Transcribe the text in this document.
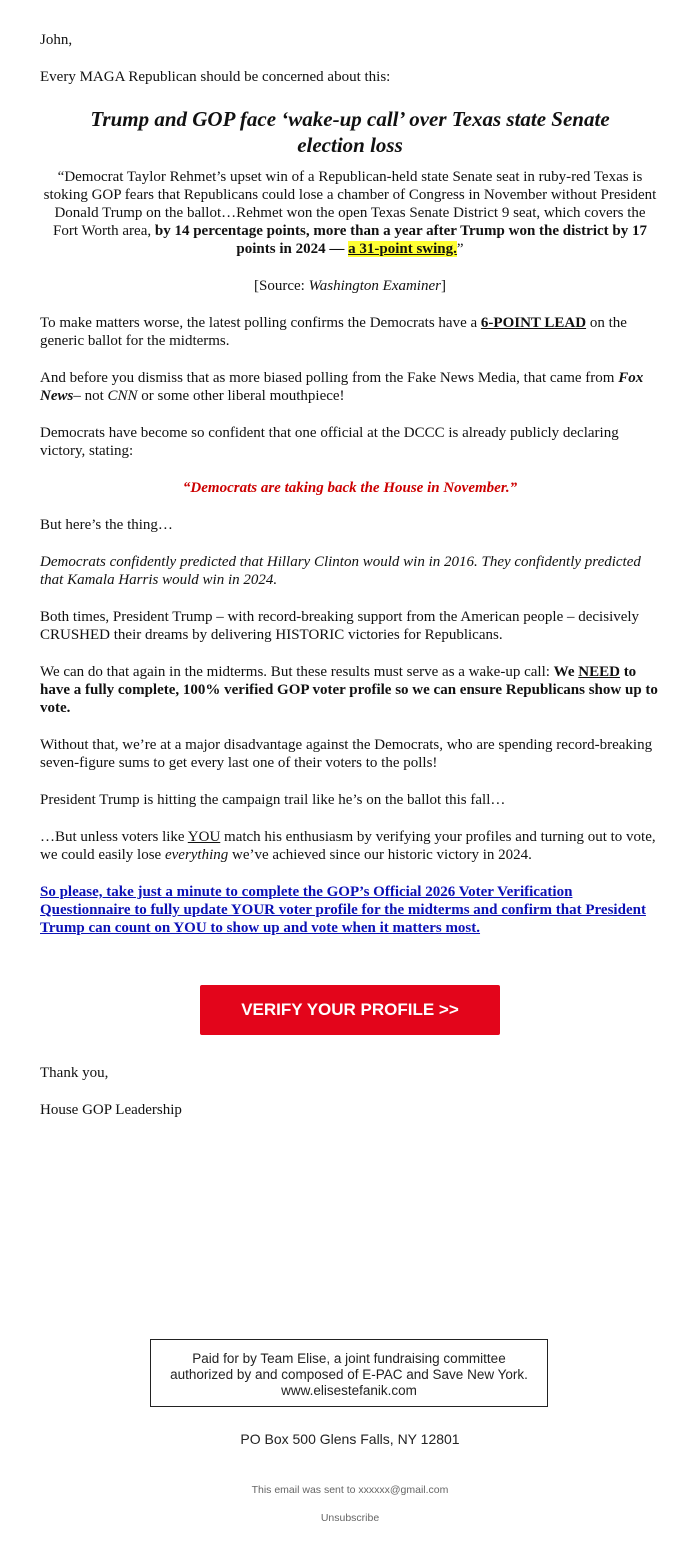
John,

Every MAGA Republican should be concerned about this:

Trump and GOP face ‘wake-up call’ over Texas state Senate election loss

“Democrat Taylor Rehmet’s upset win of a Republican-held state Senate seat in ruby-red Texas is stoking GOP fears that Republicans could lose a chamber of Congress in November without President Donald Trump on the ballot…Rehmet won the open Texas Senate District 9 seat, which covers the Fort Worth area, by 14 percentage points, more than a year after Trump won the district by 17 points in 2024 — a 31-point swing.”

[Source: Washington Examiner]

To make matters worse, the latest polling confirms the Democrats have a 6-POINT LEAD on the generic ballot for the midterms.

And before you dismiss that as more biased polling from the Fake News Media, that came from Fox News– not CNN or some other liberal mouthpiece!

Democrats have become so confident that one official at the DCCC is already publicly declaring victory, stating:

“Democrats are taking back the House in November.”

But here’s the thing…

Democrats confidently predicted that Hillary Clinton would win in 2016. They confidently predicted that Kamala Harris would win in 2024.

Both times, President Trump – with record-breaking support from the American people – decisively CRUSHED their dreams by delivering HISTORIC victories for Republicans.

We can do that again in the midterms. But these results must serve as a wake-up call: We NEED to have a fully complete, 100% verified GOP voter profile so we can ensure Republicans show up to vote.

Without that, we’re at a major disadvantage against the Democrats, who are spending record-breaking seven-figure sums to get every last one of their voters to the polls!

President Trump is hitting the campaign trail like he’s on the ballot this fall…

…But unless voters like YOU match his enthusiasm by verifying your profiles and turning out to vote, we could easily lose everything we’ve achieved since our historic victory in 2024.

So please, take just a minute to complete the GOP’s Official 2026 Voter Verification Questionnaire to fully update YOUR voter profile for the midterms and confirm that President Trump can count on YOU to show up and vote when it matters most.

VERIFY YOUR PROFILE >>

Thank you,

House GOP Leadership

Paid for by Team Elise, a joint fundraising committee
authorized by and composed of E-PAC and Save New York.
www.elisestefanik.com
PO Box 500 Glens Falls, NY 12801
This email was sent to xxxxxx@gmail.com
Unsubscribe
